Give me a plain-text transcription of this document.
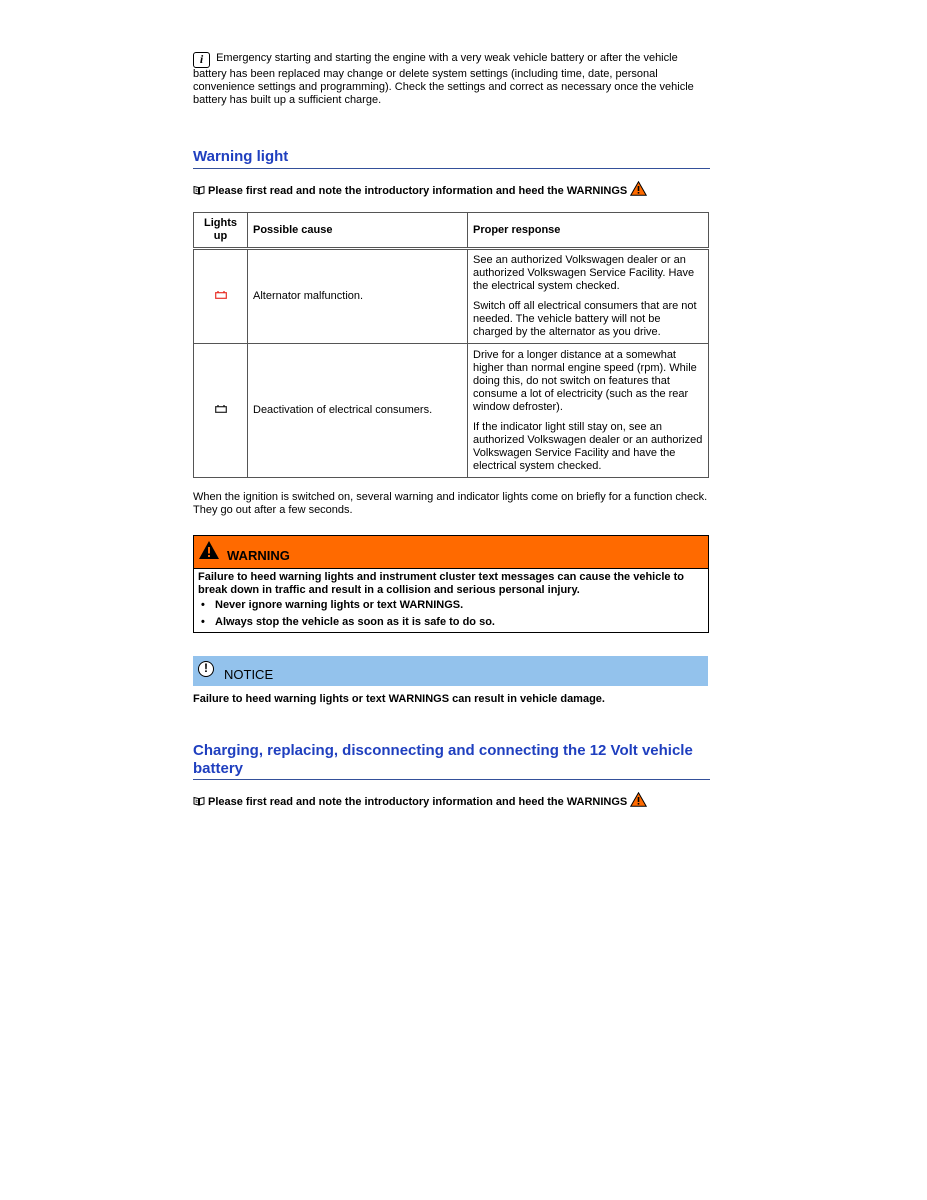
i Emergency starting and starting the engine with a very weak vehicle battery or after the vehicle battery has been replaced may change or delete system settings (including time, date, personal convenience settings and programming). Check the settings and correct as necessary once the vehicle battery has built up a sufficient charge.

Warning light
Please first read and note the introductory information and heed the WARNINGS
Lights up	Possible cause	Proper response

Alternator malfunction.	See an authorized Volkswagen dealer or an authorized Volkswagen Service Facility. Have the electrical system checked.

Switch off all electrical consumers that are not needed. The vehicle battery will not be charged by the alternator as you drive.

Deactivation of electrical consumers.	Drive for a longer distance at a somewhat higher than normal engine speed (rpm). While doing this, do not switch on features that consume a lot of electricity (such as the rear window defroster).

If the indicator light still stay on, see an authorized Volkswagen dealer or an authorized Volkswagen Service Facility and have the electrical system checked.

When the ignition is switched on, several warning and indicator lights come on briefly for a function check. They go out after a few seconds.
WARNING

Failure to heed warning lights and instrument cluster text messages can cause the vehicle to break down in traffic and result in a collision and serious personal injury.

• Never ignore warning lights or text WARNINGS.
• Always stop the vehicle as soon as it is safe to do so.
!	NOTICE
Failure to heed warning lights or text WARNINGS can result in vehicle damage.
Charging, replacing, disconnecting and connecting the 12 Volt vehicle battery
Please first read and note the introductory information and heed the WARNINGS
